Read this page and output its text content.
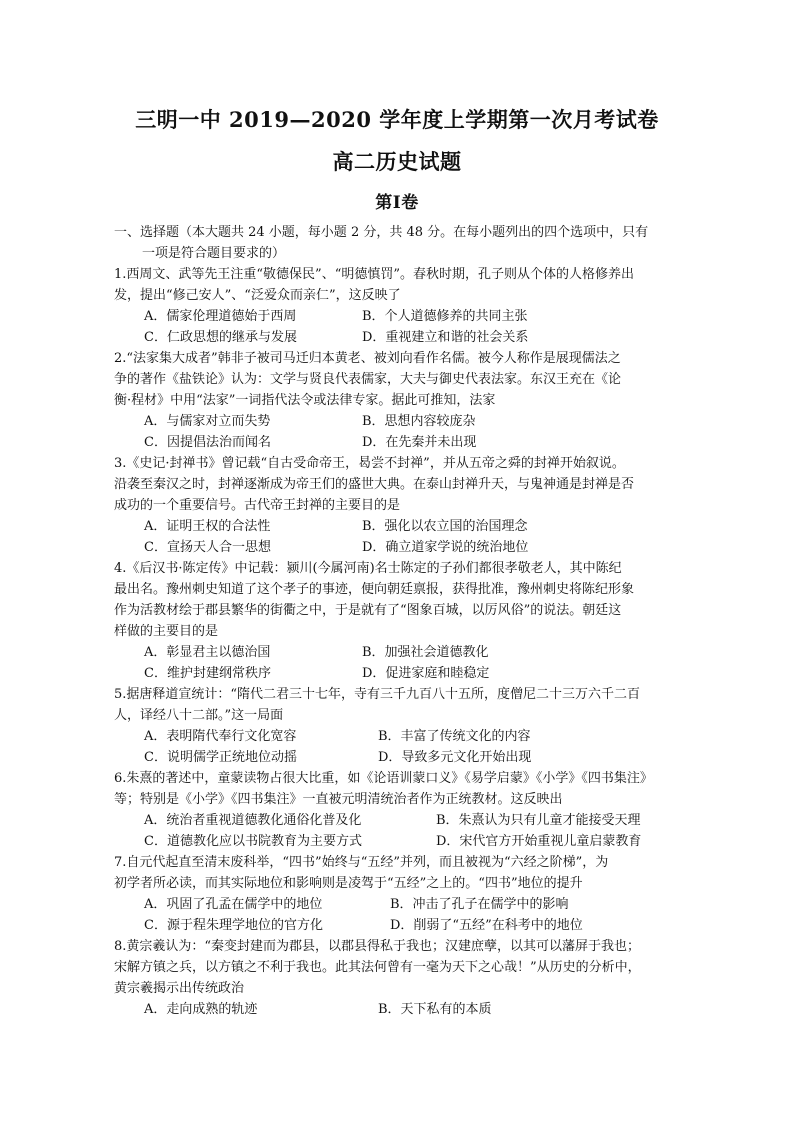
三明一中 2019—2020 学年度上学期第一次月考试卷
高二历史试题
第Ⅰ卷
一、选择题（本大题共 24 小题，每小题 2 分，共 48 分。在每小题列出的四个选项中，只有
一项是符合题目要求的）
1.西周文、武等先王注重“敬德保民”、“明德慎罚”。春秋时期，孔子则从个体的人格修养出
发，提出“修己安人”、“泛爱众而亲仁”，这反映了
A．儒家伦理道德始于西周	B．个人道德修养的共同主张
C．仁政思想的继承与发展	D．重视建立和谐的社会关系
2.“法家集大成者”韩非子被司马迁归本黄老、被刘向看作名儒。被今人称作是展现儒法之
争的著作《盐铁论》认为：文学与贤良代表儒家，大夫与御史代表法家。东汉王充在《论
衡·程材》中用“法家”一词指代法令或法律专家。据此可推知，法家
A．与儒家对立而失势	B．思想内容较庞杂
C．因提倡法治而闻名	D．在先秦并未出现
3.《史记·封禅书》曾记载“自古受命帝王，曷尝不封禅”，并从五帝之舜的封禅开始叙说。
沿袭至秦汉之时，封禅逐渐成为帝王们的盛世大典。在泰山封禅升天，与鬼神通是封禅是否
成功的一个重要信号。古代帝王封禅的主要目的是
A．证明王权的合法性	B．强化以农立国的治国理念
C．宣扬天人合一思想	D．确立道家学说的统治地位
4.《后汉书·陈定传》中记载：颍川(今属河南)名士陈定的子孙们都很孝敬老人，其中陈纪
最出名。豫州刺史知道了这个孝子的事迹，便向朝廷禀报，获得批准，豫州刺史将陈纪形象
作为活教材绘于郡县繁华的街衢之中，于是就有了“图象百城，以厉风俗”的说法。朝廷这
样做的主要目的是
A．彰显君主以德治国	B．加强社会道德教化
C．维护封建纲常秩序	D．促进家庭和睦稳定
5.据唐释道宣统计：“隋代二君三十七年，寺有三千九百八十五所，度僧尼二十三万六千二百
人，译经八十二部。”这一局面
A．表明隋代奉行文化宽容	B．丰富了传统文化的内容
C．说明儒学正统地位动摇	D．导致多元文化开始出现
6.朱熹的著述中，童蒙读物占很大比重，如《论语训蒙口义》《易学启蒙》《小学》《四书集注》
等；特别是《小学》《四书集注》一直被元明清统治者作为正统教材。这反映出
A．统治者重视道德教化通俗化普及化	B．朱熹认为只有儿童才能接受天理
C．道德教化应以书院教育为主要方式	D．宋代官方开始重视儿童启蒙教育
7.自元代起直至清末废科举，“四书”始终与“五经”并列，而且被视为“六经之阶梯”，为
初学者所必读，而其实际地位和影响则是凌驾于“五经”之上的。“四书”地位的提升
A．巩固了孔孟在儒学中的地位	B．冲击了孔子在儒学中的影响
C．源于程朱理学地位的官方化	D．削弱了“五经”在科考中的地位
8.黄宗羲认为：“秦变封建而为郡县，以郡县得私于我也；汉建庶孽，以其可以藩屏于我也；
宋解方镇之兵，以方镇之不利于我也。此其法何曾有一毫为天下之心哉！”从历史的分析中，
黄宗羲揭示出传统政治
A．走向成熟的轨迹	B．天下私有的本质
